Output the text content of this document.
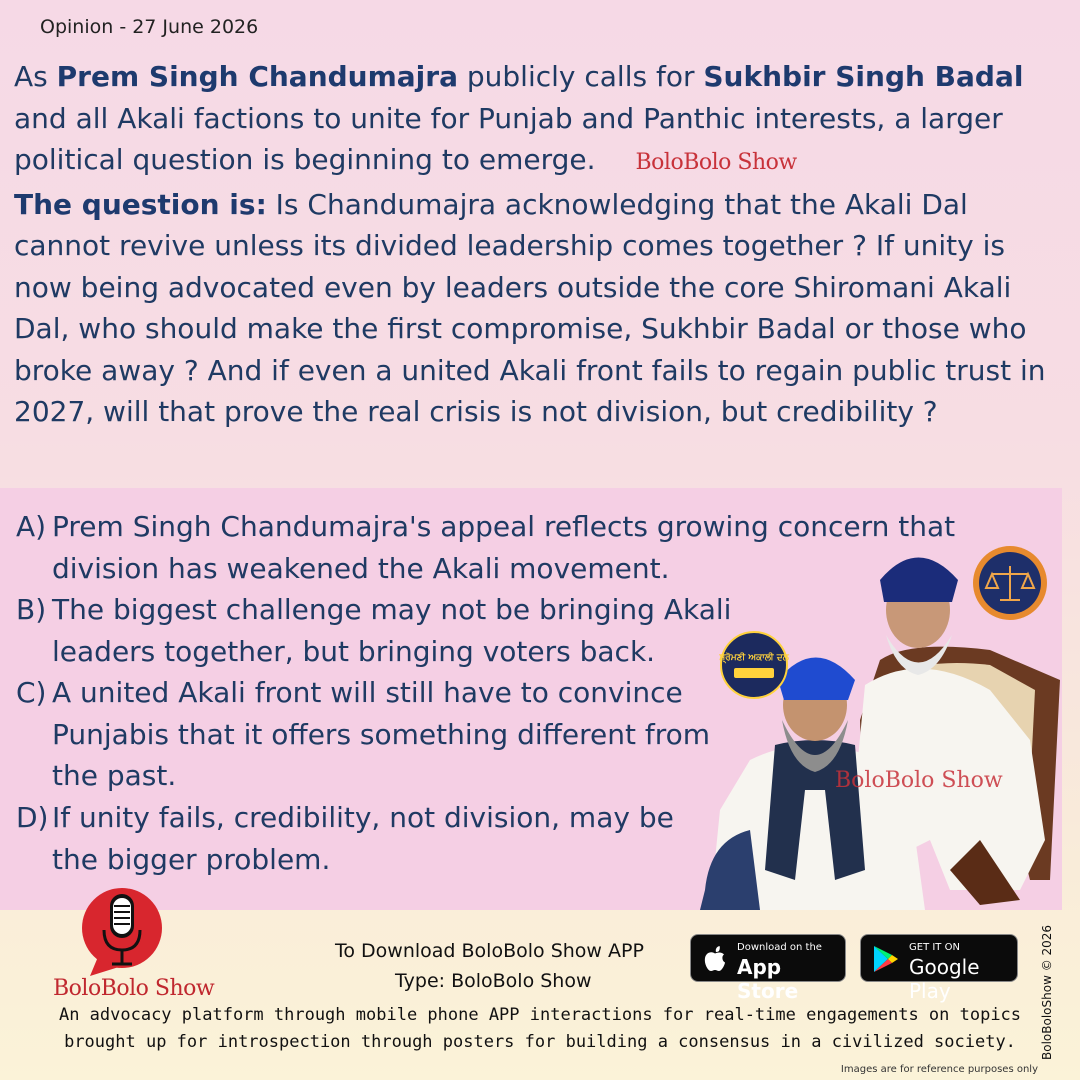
Opinion - 27 June 2026
As Prem Singh Chandumajra publicly calls for Sukhbir Singh Badal and all Akali factions to unite for Punjab and Panthic interests, a larger political question is beginning to emerge. BoloBolo Show
The question is: Is Chandumajra acknowledging that the Akali Dal cannot revive unless its divided leadership comes together ? If unity is now being advocated even by leaders outside the core Shiromani Akali Dal, who should make the first compromise, Sukhbir Badal or those who broke away ? And if even a united Akali front fails to regain public trust in 2027, will that prove the real crisis is not division, but credibility ?
A) Prem Singh Chandumajra's appeal reflects growing concern that division has weakened the Akali movement.
B) The biggest challenge may not be bringing Akali leaders together, but bringing voters back.
C) A united Akali front will still have to convince Punjabis that it offers something different from the past.
D) If unity fails, credibility, not division, may be the bigger problem.
ਸ਼੍ਰੋਮਣੀ ਅਕਾਲੀ ਦਲ
BoloBolo Show
BoloBolo Show
To Download BoloBolo Show APP
Type: BoloBolo Show
Download on the
App Store
GET IT ON
Google Play
An advocacy platform through mobile phone APP interactions for real-time engagements on topics
brought up for introspection through posters for building a consensus in a civilized society.	BoloBoloShow © 2026
Images are for reference purposes only
